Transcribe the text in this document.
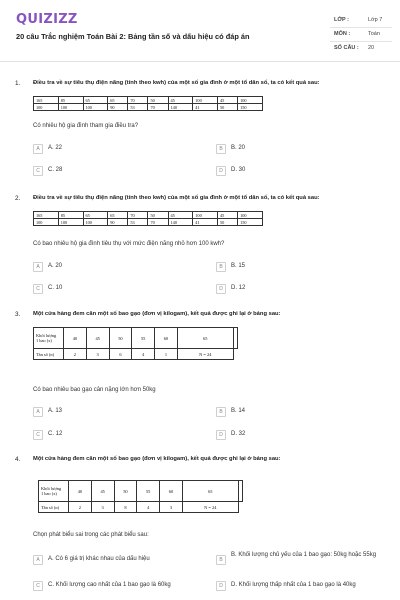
QUIZIZZ
20 câu Trắc nghiệm Toán Bài 2: Bảng tần số và dấu hiệu có đáp án
LỚP :	Lớp 7
MÔN :	Toán
SỐ CÂU : 20
1. Điều tra về sự tiêu thụ điện năng (tính theo kwh) của một số gia đình ở một tổ dân số, ta có kết quả sau:
165	85	65	65	70	50	45	100	45	100
100	100	100	90	53	70	140	41	50	150
Có nhiêu hộ gia đình tham gia điều tra?
A	A. 22	B	B. 20
C	C. 28	D	D. 30
2. Điều tra về sự tiêu thụ điện năng (tính theo kwh) của một số gia đình ở một tổ dân số, ta có kết quả sau:
165	85	65	65	70	50	45	100	45	100
100	100	100	90	53	70	140	41	50	150
Có bao nhiêu hộ gia đình tiêu thụ với mức điện năng nhỏ hơn 100 kwh?
A	A. 20	B	B. 15
C	C. 10	D	D. 12
3. Một cửa hàng đem cân một số bao gạo (đơn vị kilogam), kết quả được ghi lại ở bảng sau:
Khối lượng
1 bao (x)	40	45	50	55	60	65	
Tần số (n)	2	3	6	4	1	N = 24	
Có bao nhiêu bao gạo cân nặng lớn hơn 50kg
A	A. 13	B	B. 14
C	C. 12	D	D. 32
4. Một cửa hàng đem cân một số bao gạo (đơn vị kilogam), kết quả được ghi lại ở bảng sau:
Khối lượng
1 bao (x)	40	45	50	55	60	65	
Tần số (n)	2	3	8	4	3	N = 24	
Chọn phát biểu sai trong các phát biểu sau:
A	A. Có 6 giá trị khác nhau của dấu hiệu	B
B. Khối lượng chủ yếu của 1 bao gạo: 50kg hoặc 55kg
C	C. Khối lượng cao nhất của 1 bao gạo là 60kg	D	D. Khối lượng thấp nhất của 1 bao gạo là 40kg
